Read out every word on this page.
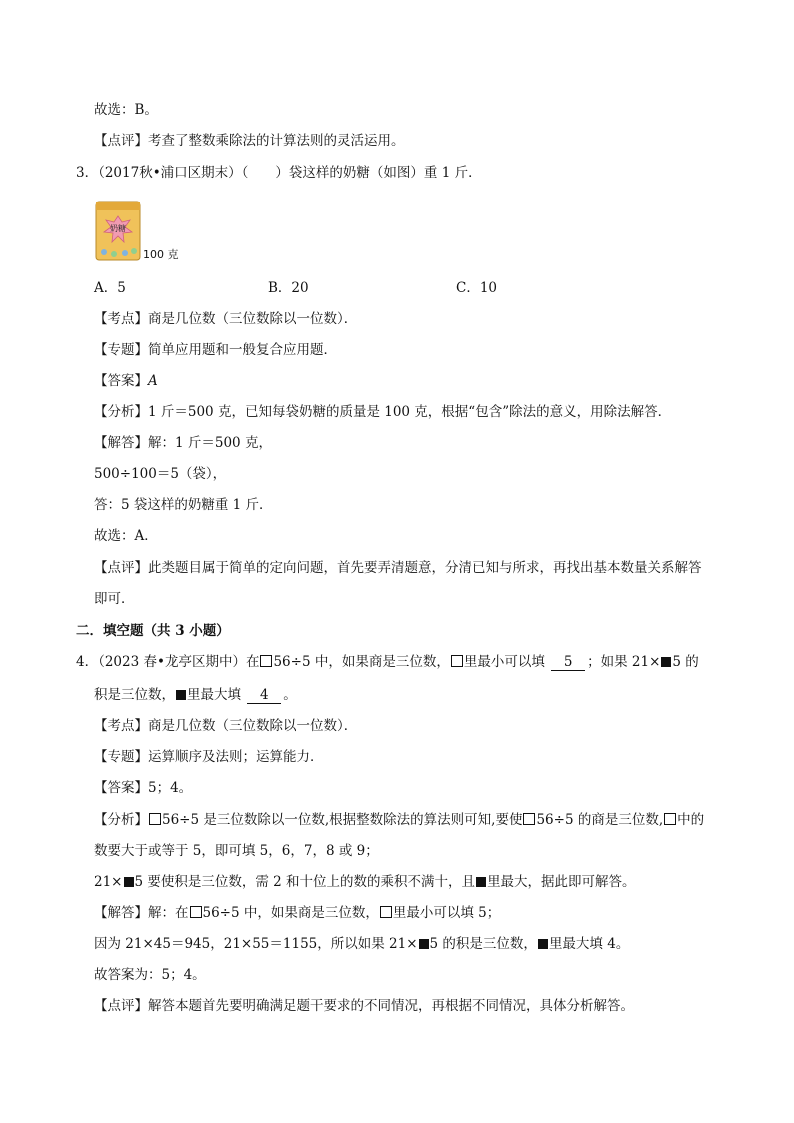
故选：B。
【点评】考查了整数乘除法的计算法则的灵活运用。
3．（2017秋•浦口区期末）（　　）袋这样的奶糖（如图）重 1 斤．
奶糖
100 克
A．5	B．20	C．10
【考点】商是几位数（三位数除以一位数）．
【专题】简单应用题和一般复合应用题．
【答案】A
【分析】1 斤＝500 克，已知每袋奶糖的质量是 100 克，根据“包含”除法的意义，用除法解答．
【解答】解：1 斤＝500 克，
500÷100＝5（袋），
答：5 袋这样的奶糖重 1 斤．
故选：A．
【点评】此类题目属于简单的定向问题，首先要弄清题意，分清已知与所求，再找出基本数量关系解答
即可．
二．填空题（共 3 小题）
4．（2023 春•龙亭区期中）在 56÷5 中，如果商是三位数， 里最小可以填 5 ；如果 21× 5 的
积是三位数， 里最大填 4 。
【考点】商是几位数（三位数除以一位数）．
【专题】运算顺序及法则；运算能力．
【答案】5；4。
【分析】 56÷5 是三位数除以一位数,根据整数除法的算法则可知,要使 56÷5 的商是三位数, 中的
数要大于或等于 5，即可填 5，6，7，8 或 9；
21× 5 要使积是三位数，需 2 和十位上的数的乘积不满十，且 里最大，据此即可解答。
【解答】解：在 56÷5 中，如果商是三位数， 里最小可以填 5；
因为 21×45＝945，21×55＝1155，所以如果 21× 5 的积是三位数， 里最大填 4。
故答案为：5；4。
【点评】解答本题首先要明确满足题干要求的不同情况，再根据不同情况，具体分析解答。
